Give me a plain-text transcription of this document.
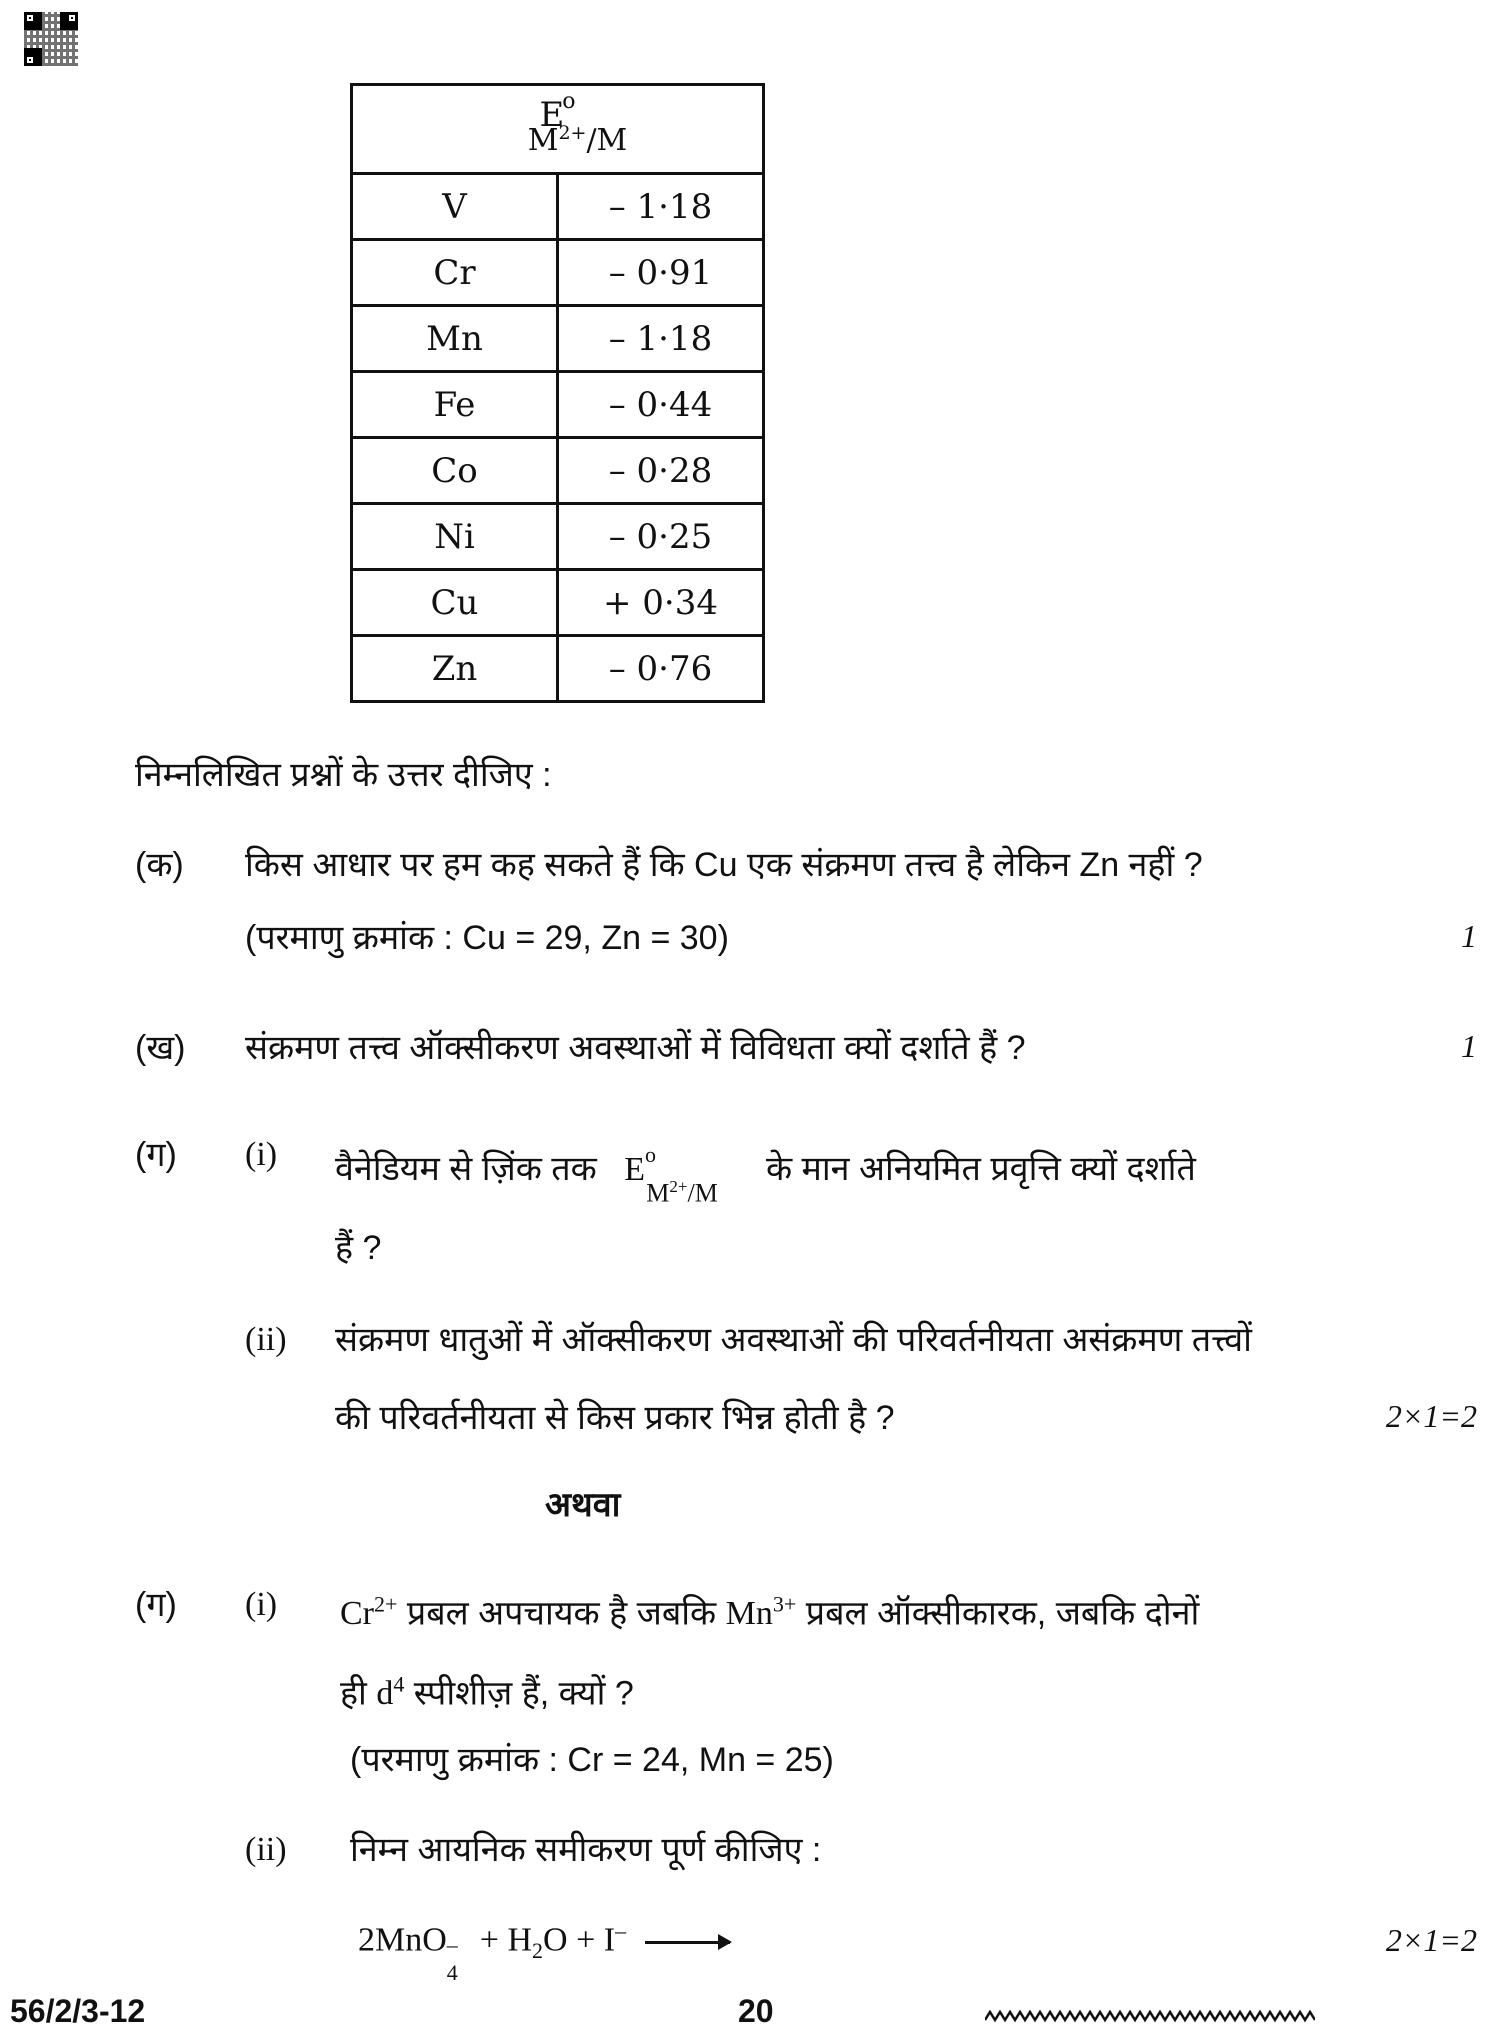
$E^o$
$M^{2+}/M$	

V	– 1·18
Cr	– 0·91
Mn	– 1·18
Fe	– 0·44
Co	– 0·28
Ni	– 0·25
Cu	+ 0·34
Zn	– 0·76
निम्नलिखित प्रश्नों के उत्तर दीजिए :
(क) किस आधार पर हम कह सकते हैं कि Cu एक संक्रमण तत्त्व है लेकिन Zn नहीं ?
(परमाणु क्रमांक : Cu = 29, Zn = 30)	1
(ख) संक्रमण तत्त्व ऑक्सीकरण अवस्थाओं में विविधता क्यों दर्शाते हैं ?	1
(ग) (i) वैनेडियम से ज़िंक तक $E^o$
$M^{2+}/M$
के मान अनियमित प्रवृत्ति क्यों दर्शाते
हैं ?
(ii) संक्रमण धातुओं में ऑक्सीकरण अवस्थाओं की परिवर्तनीयता असंक्रमण तत्त्वों
की परिवर्तनीयता से किस प्रकार भिन्न होती है ?	2×1=2
अथवा
(ग) (i) $Cr^{2+}$ प्रबल अपचायक है जबकि $Mn^{3+}$ प्रबल ऑक्सीकारक, जबकि दोनों
ही $d^4$ स्पीशीज़ हैं, क्यों ?
(परमाणु क्रमांक : Cr = 24, Mn = 25)
(ii) निम्न आयनिक समीकरण पूर्ण कीजिए :
2MnO –
4
+ $H_2O + I^-$ →	2×1=2
56/2/3-12	20
